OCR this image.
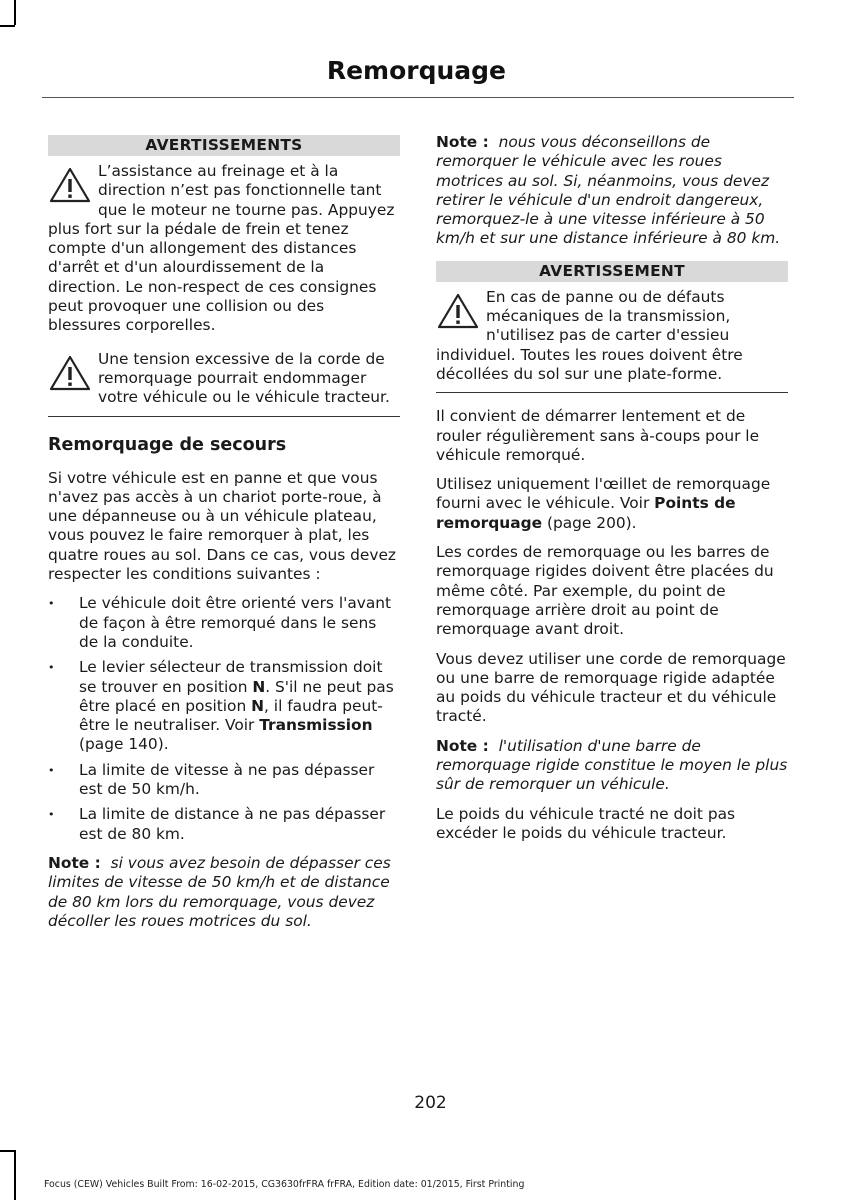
Remorquage
AVERTISSEMENTS
L’assistance au freinage et à la direction n’est pas fonctionnelle tant que le moteur ne tourne pas. Appuyez plus fort sur la pédale de frein et tenez compte d'un allongement des distances d'arrêt et d'un alourdissement de la direction. Le non-respect de ces consignes peut provoquer une collision ou des blessures corporelles.
Une tension excessive de la corde de remorquage pourrait endommager votre véhicule ou le véhicule tracteur.
Remorquage de secours

Si votre véhicule est en panne et que vous n'avez pas accès à un chariot porte-roue, à une dépanneuse ou à un véhicule plateau, vous pouvez le faire remorquer à plat, les quatre roues au sol. Dans ce cas, vous devez respecter les conditions suivantes :

• Le véhicule doit être orienté vers l'avant de façon à être remorqué dans le sens de la conduite.
• Le levier sélecteur de transmission doit se trouver en position N. S'il ne peut pas être placé en position N, il faudra peut-être le neutraliser. Voir Transmission (page 140).
• La limite de vitesse à ne pas dépasser est de 50 km/h.
• La limite de distance à ne pas dépasser est de 80 km.

Note : si vous avez besoin de dépasser ces limites de vitesse de 50 km/h et de distance de 80 km lors du remorquage, vous devez décoller les roues motrices du sol.

Note : nous vous déconseillons de remorquer le véhicule avec les roues motrices au sol. Si, néanmoins, vous devez retirer le véhicule d'un endroit dangereux, remorquez-le à une vitesse inférieure à 50 km/h et sur une distance inférieure à 80 km.

AVERTISSEMENT
En cas de panne ou de défauts mécaniques de la transmission, n'utilisez pas de carter d'essieu individuel. Toutes les roues doivent être décollées du sol sur une plate-forme.

Il convient de démarrer lentement et de rouler régulièrement sans à-coups pour le véhicule remorqué.

Utilisez uniquement l'œillet de remorquage fourni avec le véhicule. Voir Points de remorquage (page 200).

Les cordes de remorquage ou les barres de remorquage rigides doivent être placées du même côté. Par exemple, du point de remorquage arrière droit au point de remorquage avant droit.

Vous devez utiliser une corde de remorquage ou une barre de remorquage rigide adaptée au poids du véhicule tracteur et du véhicule tracté.

Note : l'utilisation d'une barre de remorquage rigide constitue le moyen le plus sûr de remorquer un véhicule.

Le poids du véhicule tracté ne doit pas excéder le poids du véhicule tracteur.

202
Focus (CEW) Vehicles Built From: 16-02-2015, CG3630frFRA frFRA, Edition date: 01/2015, First Printing
